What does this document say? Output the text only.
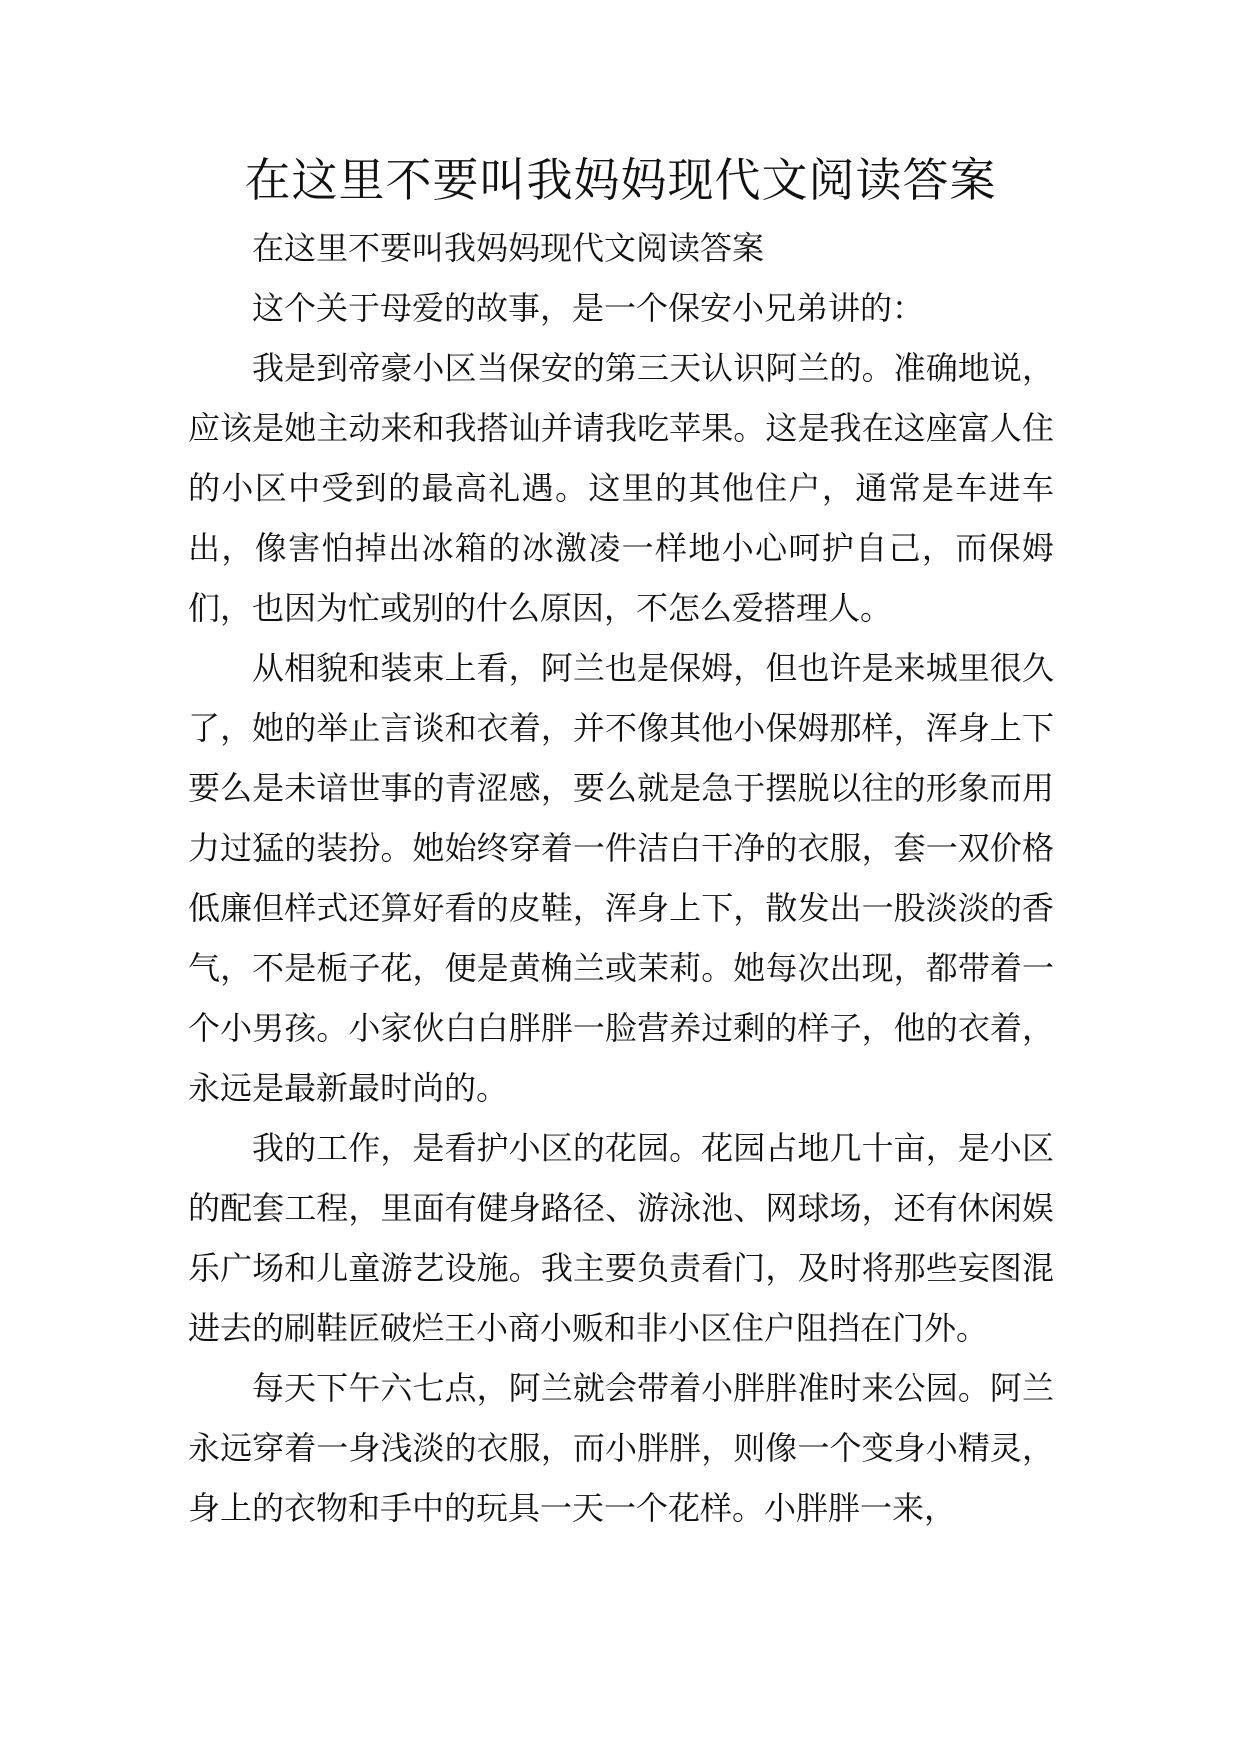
在这里不要叫我妈妈现代文阅读答案

在这里不要叫我妈妈现代文阅读答案

这个关于母爱的故事，是一个保安小兄弟讲的：

我是到帝豪小区当保安的第三天认识阿兰的。准确地说，应该是她主动来和我搭讪并请我吃苹果。这是我在这座富人住的小区中受到的最高礼遇。这里的其他住户，通常是车进车出，像害怕掉出冰箱的冰激凌一样地小心呵护自己，而保姆们，也因为忙或别的什么原因，不怎么爱搭理人。

从相貌和装束上看，阿兰也是保姆，但也许是来城里很久了，她的举止言谈和衣着，并不像其他小保姆那样，浑身上下要么是未谙世事的青涩感，要么就是急于摆脱以往的形象而用力过猛的装扮。她始终穿着一件洁白干净的衣服，套一双价格低廉但样式还算好看的皮鞋，浑身上下，散发出一股淡淡的香气，不是栀子花，便是黄桷兰或茉莉。她每次出现，都带着一个小男孩。小家伙白白胖胖一脸营养过剩的样子，他的衣着，永远是最新最时尚的。

我的工作，是看护小区的花园。花园占地几十亩，是小区的配套工程，里面有健身路径、游泳池、网球场，还有休闲娱乐广场和儿童游艺设施。我主要负责看门，及时将那些妄图混进去的刷鞋匠破烂王小商小贩和非小区住户阻挡在门外。

每天下午六七点，阿兰就会带着小胖胖准时来公园。阿兰永远穿着一身浅淡的衣服，而小胖胖，则像一个变身小精灵，身上的衣物和手中的玩具一天一个花样。小胖胖一来，
